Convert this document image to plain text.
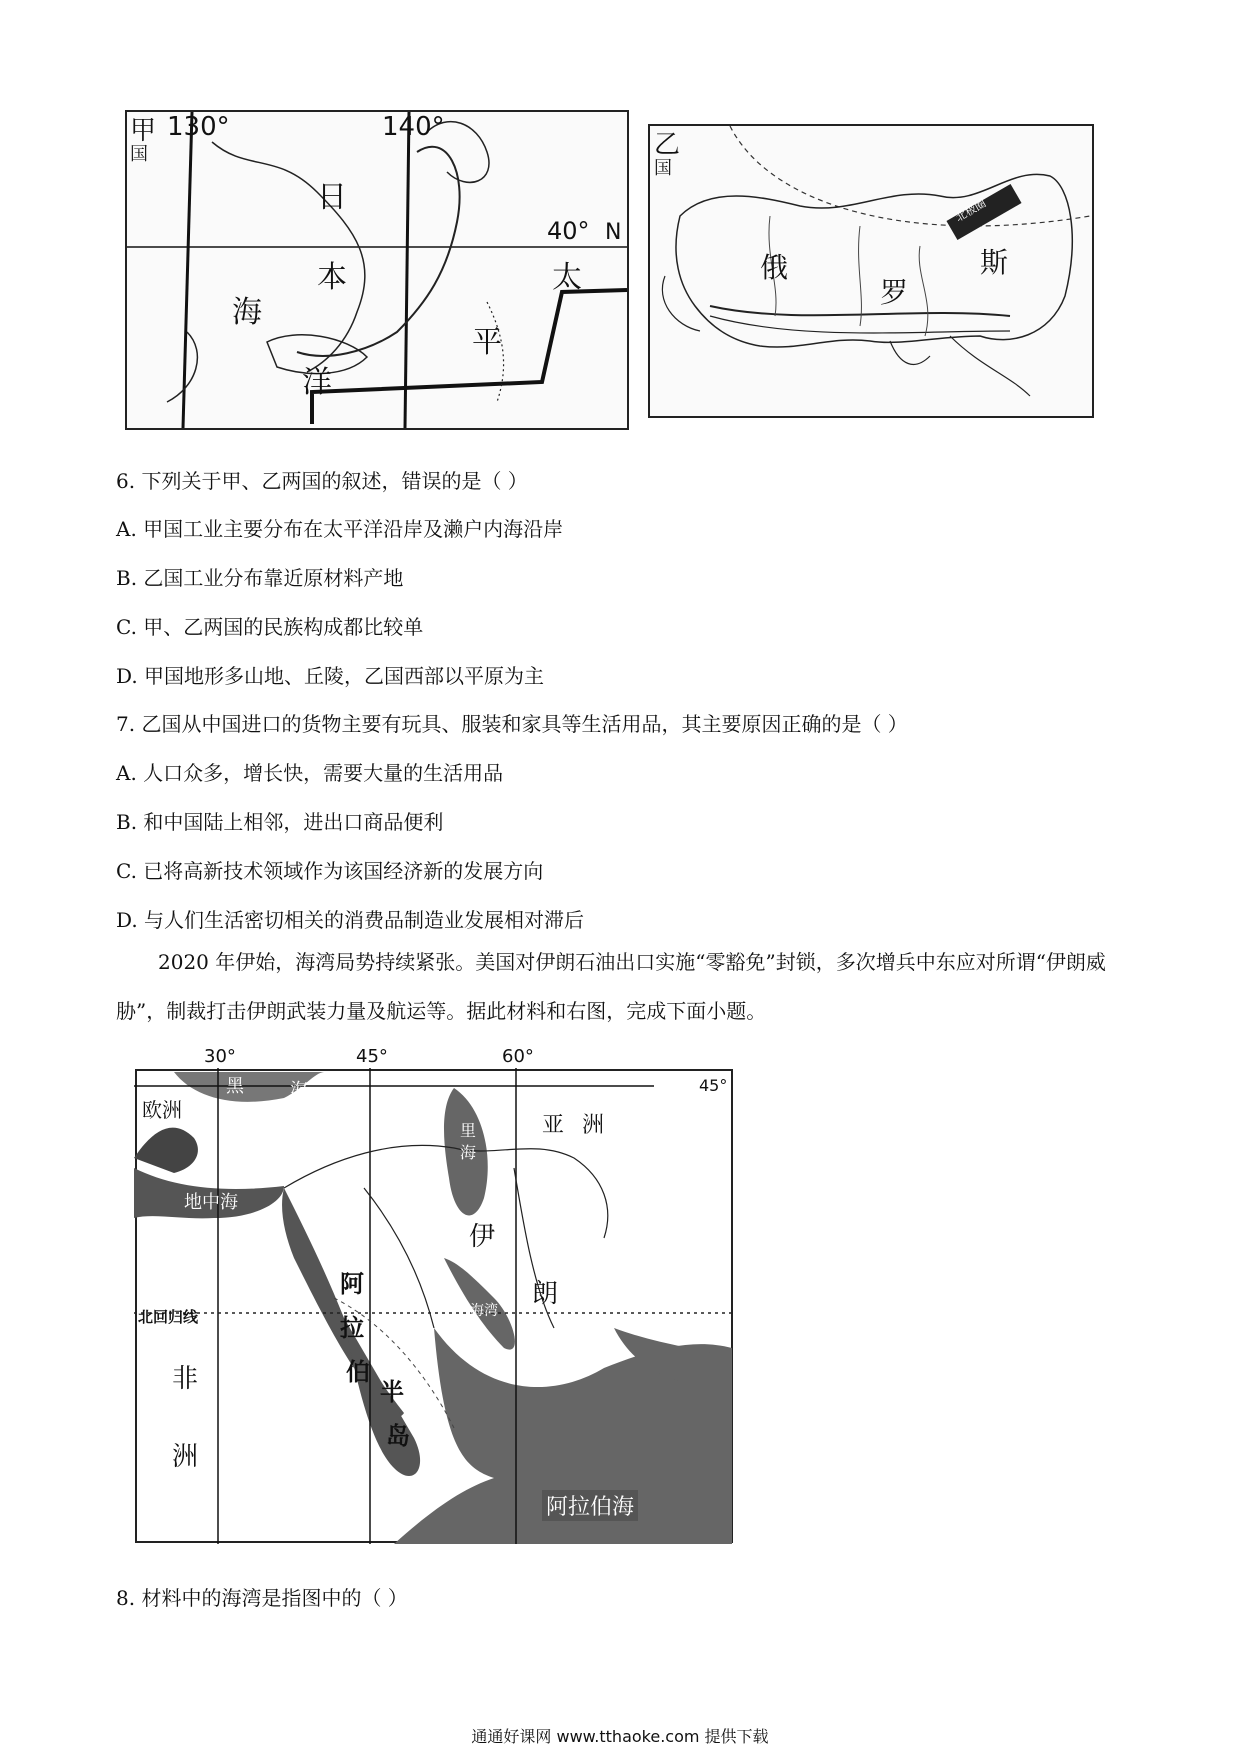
甲
国
130°	140°
40° N
日
本
海
太
平
洋
乙
国
俄
罗
斯
北极圈
6. 下列关于甲、乙两国的叙述，错误的是（ ）
A. 甲国工业主要分布在太平洋沿岸及濑户内海沿岸
B. 乙国工业分布靠近原材料产地
C. 甲、乙两国的民族构成都比较单
D. 甲国地形多山地、丘陵，乙国西部以平原为主
7. 乙国从中国进口的货物主要有玩具、服装和家具等生活用品，其主要原因正确的是（ ）
A. 人口众多，增长快，需要大量的生活用品
B. 和中国陆上相邻，进出口商品便利
C. 已将高新技术领域作为该国经济新的发展方向
D. 与人们生活密切相关的消费品制造业发展相对滞后
2020 年伊始，海湾局势持续紧张。美国对伊朗石油出口实施“零豁免”封锁，多次增兵中东应对所谓“伊朗威胁”，制裁打击伊朗武装力量及航运等。据此材料和右图，完成下面小题。
30°	45°	60°
45°
欧洲
亚 洲
黑	海
里
海
地中海
伊
朗
阿
拉
伯
半
岛
北回归线
非
洲
红
海
海湾
阿拉伯海
8. 材料中的海湾是指图中的（ ）
通通好课网 www.tthaoke.com 提供下载
